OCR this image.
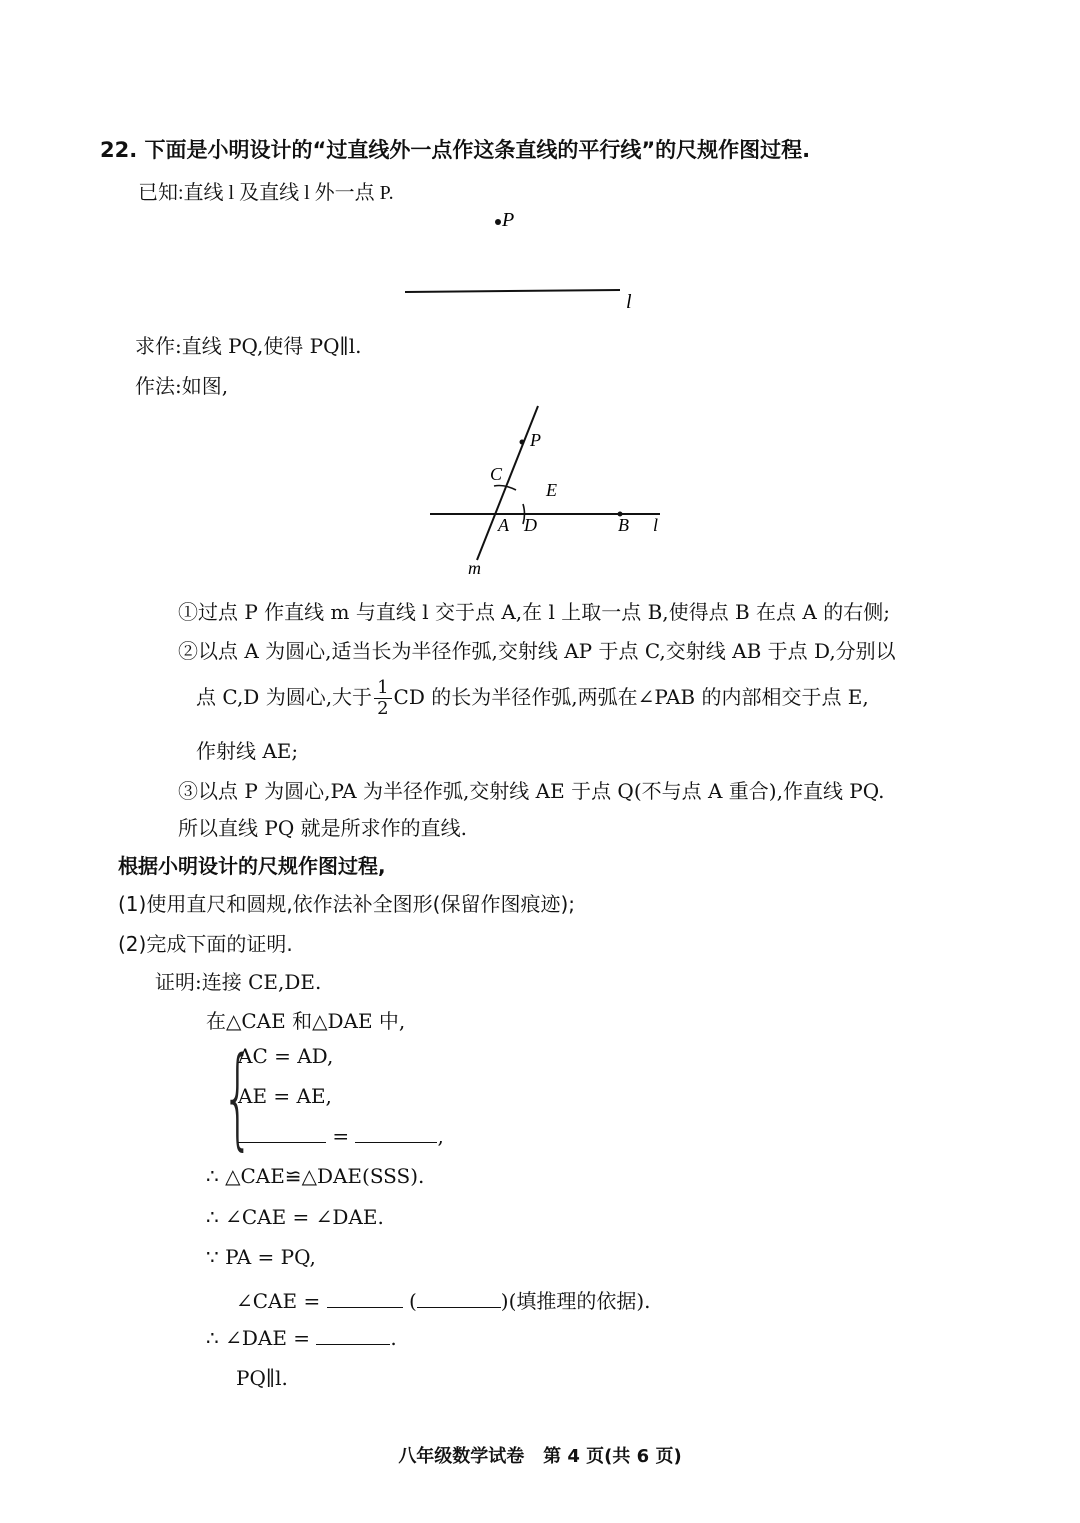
22. 下面是小明设计的“过直线外一点作这条直线的平行线”的尺规作图过程.
已知:直线 l 及直线 l 外一点 P.
P
l
求作:直线 PQ,使得 PQ∥l.
作法:如图,
P
C
E
A D	B l
m
①过点 P 作直线 m 与直线 l 交于点 A,在 l 上取一点 B,使得点 B 在点 A 的右侧;
②以点 A 为圆心,适当长为半径作弧,交射线 AP 于点 C,交射线 AB 于点 D,分别以
点 C,D 为圆心,大于 $\frac{1}{2}$ CD 的长为半径作弧,两弧在∠PAB 的内部相交于点 E,
作射线 AE;
③以点 P 为圆心,PA 为半径作弧,交射线 AE 于点 Q(不与点 A 重合),作直线 PQ.
所以直线 PQ 就是所求作的直线.
根据小明设计的尺规作图过程,
(1)使用直尺和圆规,依作法补全图形(保留作图痕迹);
(2)完成下面的证明.
证明:连接 CE,DE.
在△CAE 和△DAE 中,
{
AC = AD,
AE = AE,
=	,
∴ △CAE≌△DAE(SSS).
∴ ∠CAE = ∠DAE.
∵ PA = PQ,
∠CAE =	(	)(填推理的依据).
∴ ∠DAE =	.
PQ∥l.
八年级数学试卷   第 4 页(共 6 页)
